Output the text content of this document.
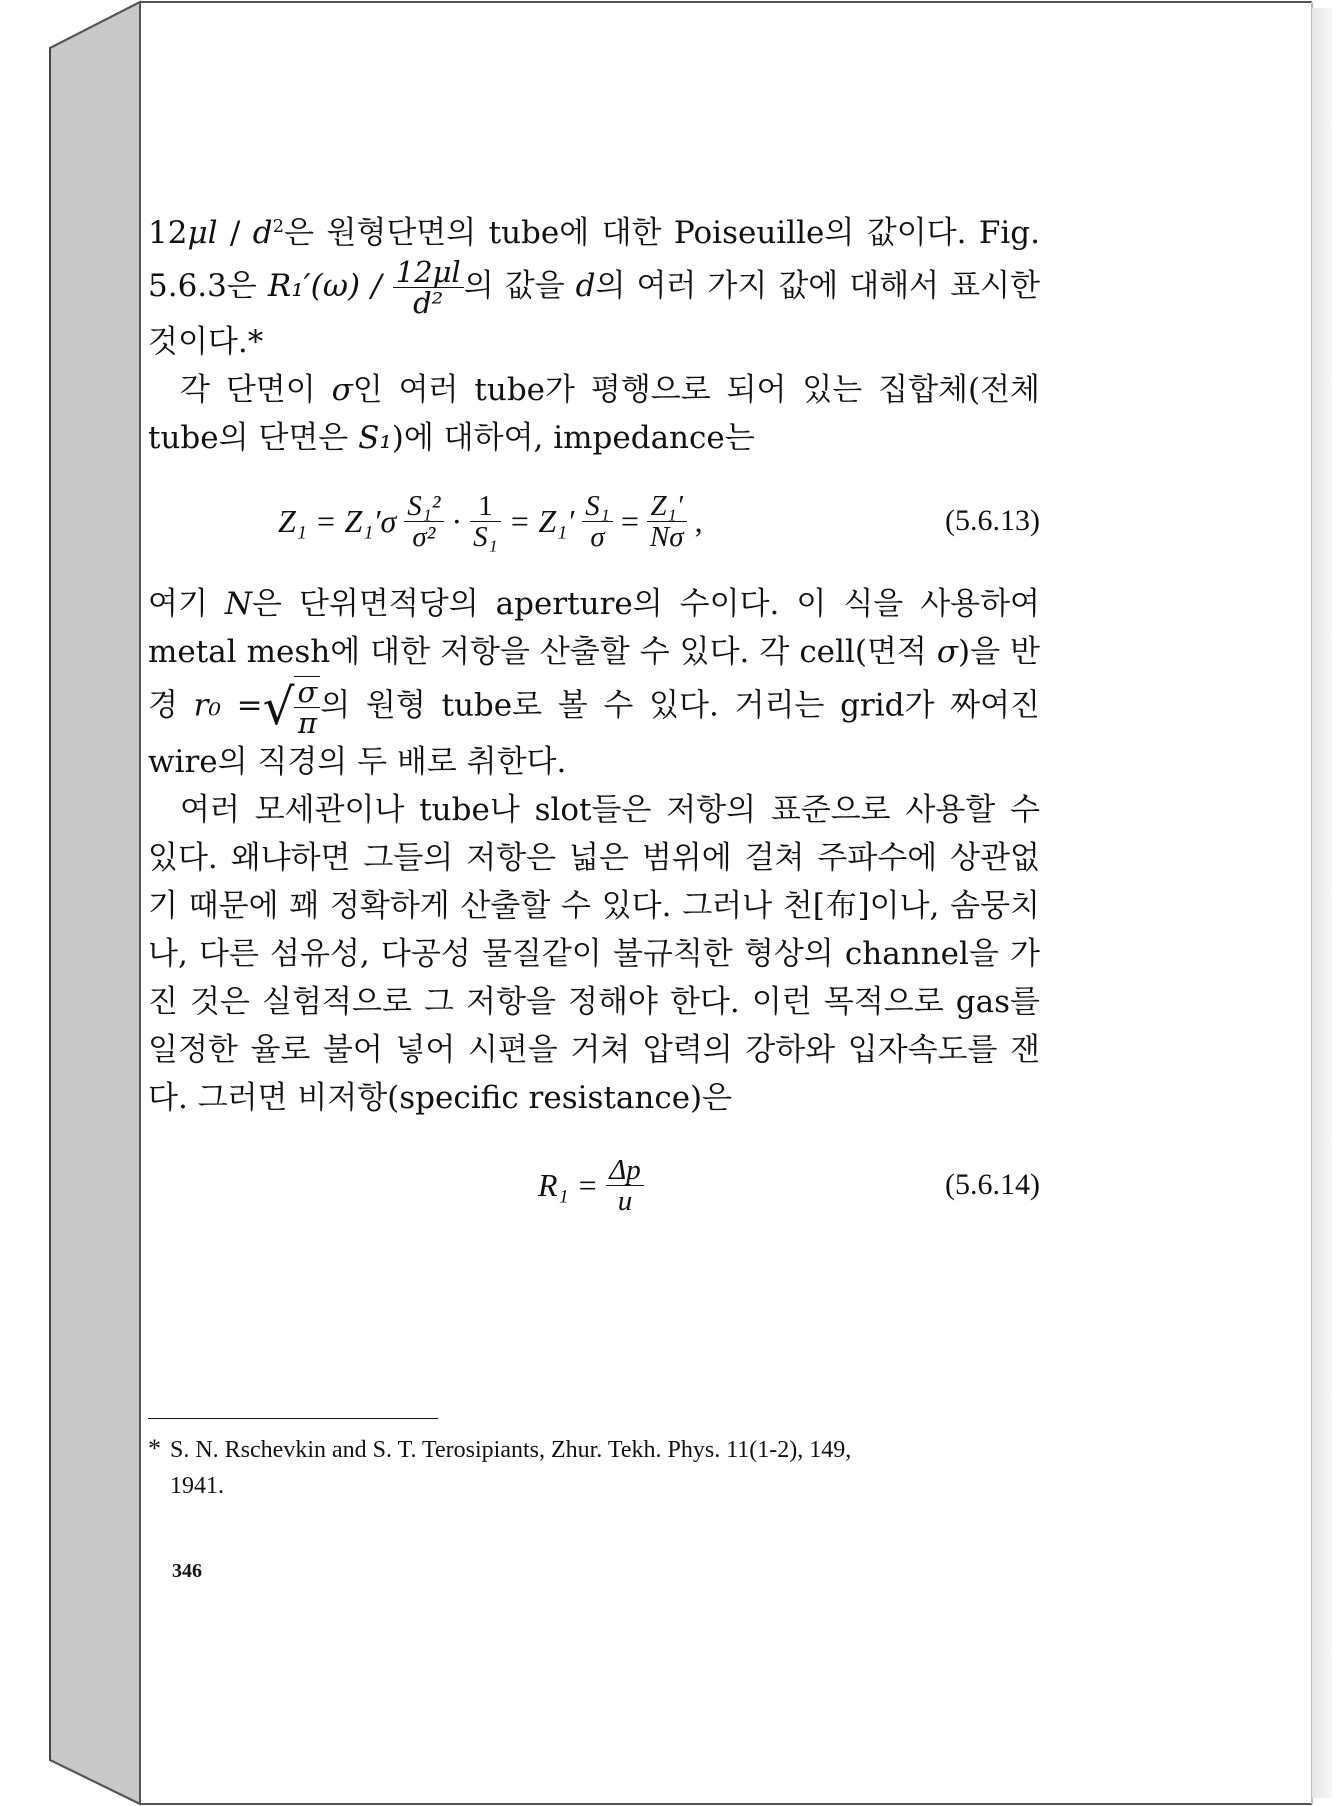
$12\mu l / d^2$은 원형단면의 tube에 대한 Poiseuille의 값이다. Fig. 5.6.3은 $R_1'(\omega) / \frac{12\mu l}{\text{d²}}$ 의 값을 d의 여러 가지 값에 대해서 표시한 것이다.*

각 단면이 σ인 여러 tube가 평행으로 되어 있는 집합체(전체 tube의 단면은 S₁)에 대하여, impedance는

$Z_1 = Z_1'\sigma \frac{\text{S₁²}}{\text{σ²}} \cdot \frac{1}{\text{S₁}} = Z_1' \frac{\text{S₁}}{\sigma} = \frac{\text{Z₁′}}{N\sigma}$ ,	(5.6.13)

여기 N은 단위면적당의 aperture의 수이다. 이 식을 사용하여 metal mesh에 대한 저항을 산출할 수 있다. 각 cell(면적 σ)을 반경 r₀ = √ $\frac{\sigma}{\pi}$ 의 원형 tube로 볼 수 있다. 거리는 grid가 짜여진 wire의 직경의 두 배로 취한다.

여러 모세관이나 tube나 slot들은 저항의 표준으로 사용할 수 있다. 왜냐하면 그들의 저항은 넓은 범위에 걸쳐 주파수에 상관없기 때문에 꽤 정확하게 산출할 수 있다. 그러나 천[布]이나, 솜뭉치나, 다른 섬유성, 다공성 물질같이 불규칙한 형상의 channel을 가진 것은 실험적으로 그 저항을 정해야 한다. 이런 목적으로 gas를 일정한 율로 불어 넣어 시편을 거쳐 압력의 강하와 입자속도를 잰다. 그러면 비저항(specific resistance)은

$R_1 = \frac{\Delta p}{u}$	(5.6.14)
* S. N. Rschevkin and S. T. Terosipiants, Zhur. Tekh. Phys. 11(1-2), 149,
1941.
346
